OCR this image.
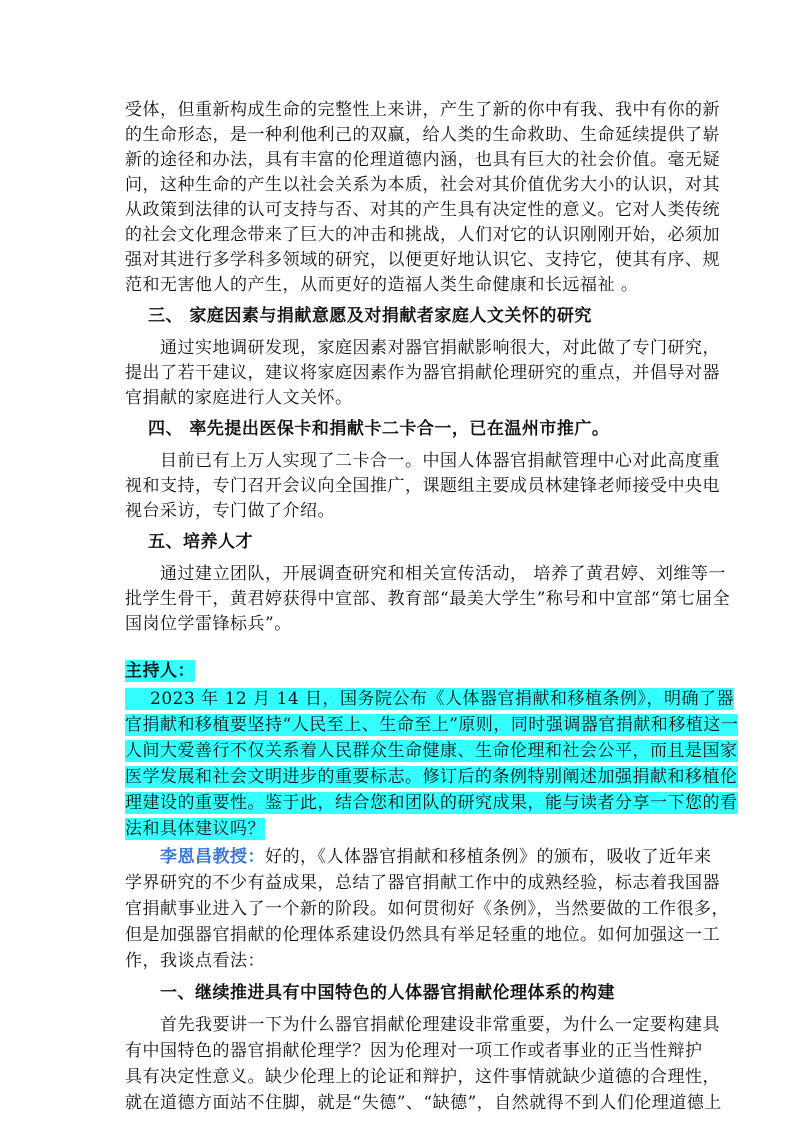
受体，但重新构成生命的完整性上来讲，产生了新的你中有我、我中有你的新
的生命形态，是一种利他利己的双赢，给人类的生命救助、生命延续提供了崭
新的途径和办法，具有丰富的伦理道德内涵，也具有巨大的社会价值。毫无疑
问，这种生命的产生以社会关系为本质，社会对其价值优劣大小的认识，对其
从政策到法律的认可支持与否、对其的产生具有决定性的意义。它对人类传统
的社会文化理念带来了巨大的冲击和挑战，人们对它的认识刚刚开始，必须加
强对其进行多学科多领域的研究，以便更好地认识它、支持它，使其有序、规
范和无害他人的产生，从而更好的造福人类生命健康和长远福祉 。
三、 家庭因素与捐献意愿及对捐献者家庭人文关怀的研究
通过实地调研发现，家庭因素对器官捐献影响很大，对此做了专门研究，
提出了若干建议，建议将家庭因素作为器官捐献伦理研究的重点，并倡导对器
官捐献的家庭进行人文关怀。
四、 率先提出医保卡和捐献卡二卡合一，已在温州市推广。
目前已有上万人实现了二卡合一。中国人体器官捐献管理中心对此高度重
视和支持，专门召开会议向全国推广，课题组主要成员林建锋老师接受中央电
视台采访，专门做了介绍。
五、培养人才
通过建立团队，开展调查研究和相关宣传活动， 培养了黄君婷、刘维等一
批学生骨干，黄君婷获得中宣部、教育部“最美大学生”称号和中宣部“第七届全
国岗位学雷锋标兵”。
主持人：
2023 年 12 月 14 日，国务院公布《人体器官捐献和移植条例》，明确了器
官捐献和移植要坚持“人民至上、生命至上”原则，同时强调器官捐献和移植这一
人间大爱善行不仅关系着人民群众生命健康、生命伦理和社会公平，而且是国家
医学发展和社会文明进步的重要标志。修订后的条例特别阐述加强捐献和移植伦
理建设的重要性。鉴于此，结合您和团队的研究成果，能与读者分享一下您的看
法和具体建议吗？
李恩昌教授：好的，《人体器官捐献和移植条例》的颁布，吸收了近年来
学界研究的不少有益成果，总结了器官捐献工作中的成熟经验，标志着我国器
官捐献事业进入了一个新的阶段。如何贯彻好《条例》，当然要做的工作很多，
但是加强器官捐献的伦理体系建设仍然具有举足轻重的地位。如何加强这一工
作，我谈点看法：
一、继续推进具有中国特色的人体器官捐献伦理体系的构建
首先我要讲一下为什么器官捐献伦理建设非常重要，为什么一定要构建具
有中国特色的器官捐献伦理学？因为伦理对一项工作或者事业的正当性辩护
具有决定性意义。缺少伦理上的论证和辩护，这件事情就缺少道德的合理性，
就在道德方面站不住脚，就是“失德”、“缺德”，自然就得不到人们伦理道德上
